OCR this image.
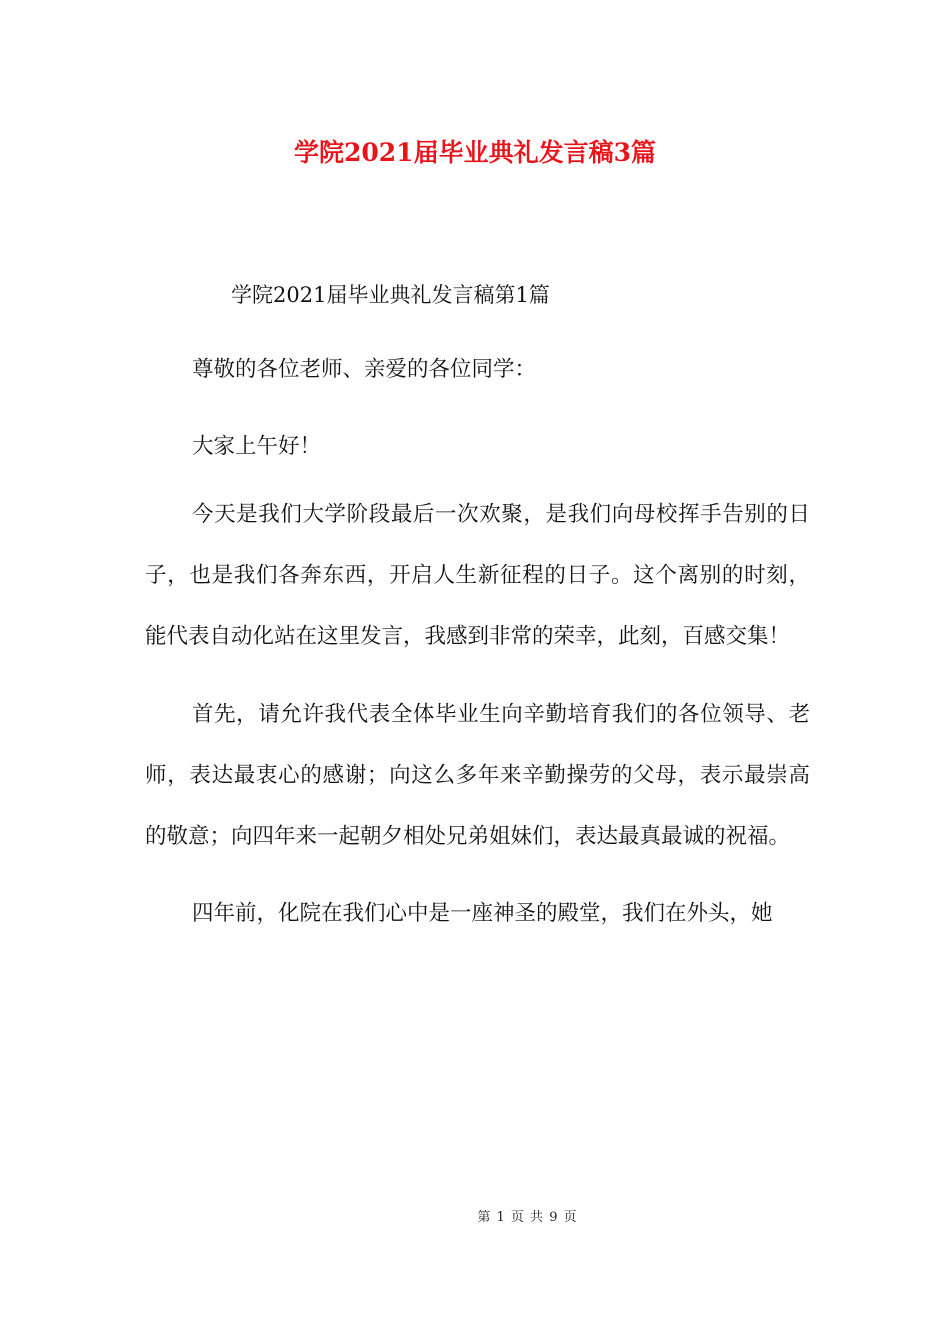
学院2021届毕业典礼发言稿3篇
学院2021届毕业典礼发言稿第1篇

尊敬的各位老师、亲爱的各位同学：

大家上午好！

今天是我们大学阶段最后一次欢聚，是我们向母校挥手告别的日子，也是我们各奔东西，开启人生新征程的日子。这个离别的时刻，能代表自动化站在这里发言，我感到非常的荣幸，此刻，百感交集！

首先，请允许我代表全体毕业生向辛勤培育我们的各位领导、老师，表达最衷心的感谢；向这么多年来辛勤操劳的父母，表示最崇高的敬意；向四年来一起朝夕相处兄弟姐妹们，表达最真最诚的祝福。

四年前，化院在我们心中是一座神圣的殿堂，我们在外头，她

第 1 页 共 9 页
